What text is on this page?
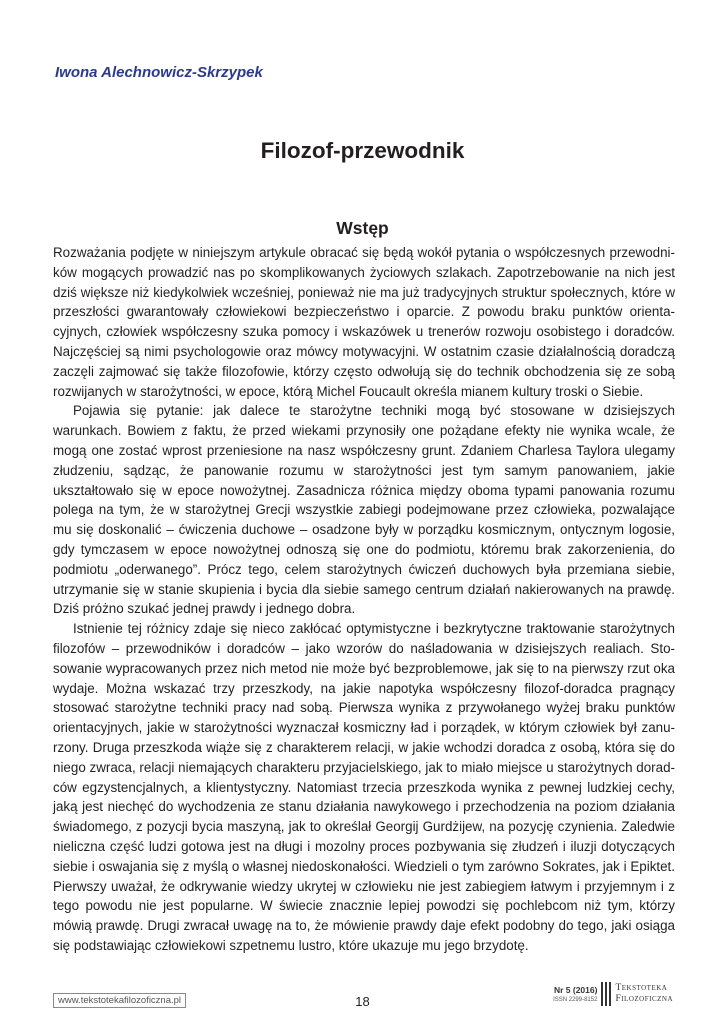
Iwona Alechnowicz-Skrzypek
Filozof-przewodnik
Wstęp

Rozważania podjęte w niniejszym artykule obracać się będą wokół pytania o współczesnych przewodników mogących prowadzić nas po skomplikowanych życiowych szlakach. Zapotrzebowanie na nich jest dziś większe niż kiedykolwiek wcześniej, ponieważ nie ma już tradycyjnych struktur społecznych, które w przeszłości gwarantowały człowiekowi bezpieczeństwo i oparcie. Z powodu braku punktów orientacyjnych, człowiek współczesny szuka pomocy i wskazówek u trenerów rozwoju osobistego i doradców. Najczęściej są nimi psychologowie oraz mówcy motywacyjni. W ostatnim czasie działalnością doradczą zaczęli zajmować się także filozofowie, którzy często odwołują się do technik obchodzenia się ze sobą rozwijanych w starożytności, w epoce, którą Michel Foucault określa mianem kultury troski o Siebie.

Pojawia się pytanie: jak dalece te starożytne techniki mogą być stosowane w dzisiejszych warunkach. Bowiem z faktu, że przed wiekami przynosiły one pożądane efekty nie wynika wcale, że mogą one zostać wprost przeniesione na nasz współczesny grunt. Zdaniem Charlesa Taylora ulegamy złudzeniu, sądząc, że panowanie rozumu w starożytności jest tym samym panowaniem, jakie ukształtowało się w epoce nowożytnej. Zasadnicza różnica między oboma typami panowania rozumu polega na tym, że w starożytnej Grecji wszystkie zabiegi podejmowane przez człowieka, pozwalające mu się doskonalić – ćwiczenia duchowe – osadzone były w porządku kosmicznym, ontycznym logosie, gdy tymczasem w epoce nowożytnej odnoszą się one do podmiotu, któremu brak zakorzenienia, do podmiotu „oderwanego”. Prócz tego, celem starożytnych ćwiczeń duchowych była przemiana siebie, utrzymanie się w stanie skupienia i bycia dla siebie samego centrum działań nakierowanych na prawdę. Dziś próżno szukać jednej prawdy i jednego dobra.

Istnienie tej różnicy zdaje się nieco zakłócać optymistyczne i bezkrytyczne traktowanie starożytnych filozofów – przewodników i doradców – jako wzorów do naśladowania w dzisiejszych realiach. Stosowanie wypracowanych przez nich metod nie może być bezproblemowe, jak się to na pierwszy rzut oka wydaje. Można wskazać trzy przeszkody, na jakie napotyka współczesny filozof-doradca pragnący stosować starożytne techniki pracy nad sobą. Pierwsza wynika z przywołanego wyżej braku punktów orientacyjnych, jakie w starożytności wyznaczał kosmiczny ład i porządek, w którym człowiek był zanurzony. Druga przeszkoda wiąże się z charakterem relacji, w jakie wchodzi doradca z osobą, która się do niego zwraca, relacji niemających charakteru przyjacielskiego, jak to miało miejsce u starożytnych doradców egzystencjalnych, a klientystyczny. Natomiast trzecia przeszkoda wynika z pewnej ludzkiej cechy, jaką jest niechęć do wychodzenia ze stanu działania nawykowego i przechodzenia na poziom działania świadomego, z pozycji bycia maszyną, jak to określał Georgij Gurdżijew, na pozycję czynienia. Zaledwie nieliczna część ludzi gotowa jest na długi i mozolny proces pozbywania się złudzeń i iluzji dotyczących siebie i oswajania się z myślą o własnej niedoskonałości. Wiedzieli o tym zarówno Sokrates, jak i Epiktet. Pierwszy uważał, że odkrywanie wiedzy ukrytej w człowieku nie jest zabiegiem łatwym i przyjemnym i z tego powodu nie jest popularne. W świecie znacznie lepiej powodzi się pochlebcom niż tym, którzy mówią prawdę. Drugi zwracał uwagę na to, że mówienie prawdy daje efekt podobny do tego, jaki osiąga się podstawiając człowiekowi szpetnemu lustro, które ukazuje mu jego brzydotę.

www.tekstotekafilozoficzna.pl	18
Nr 5 (2016)
ISSN 2299-8152
Tekstoteka
Filozoficzna
